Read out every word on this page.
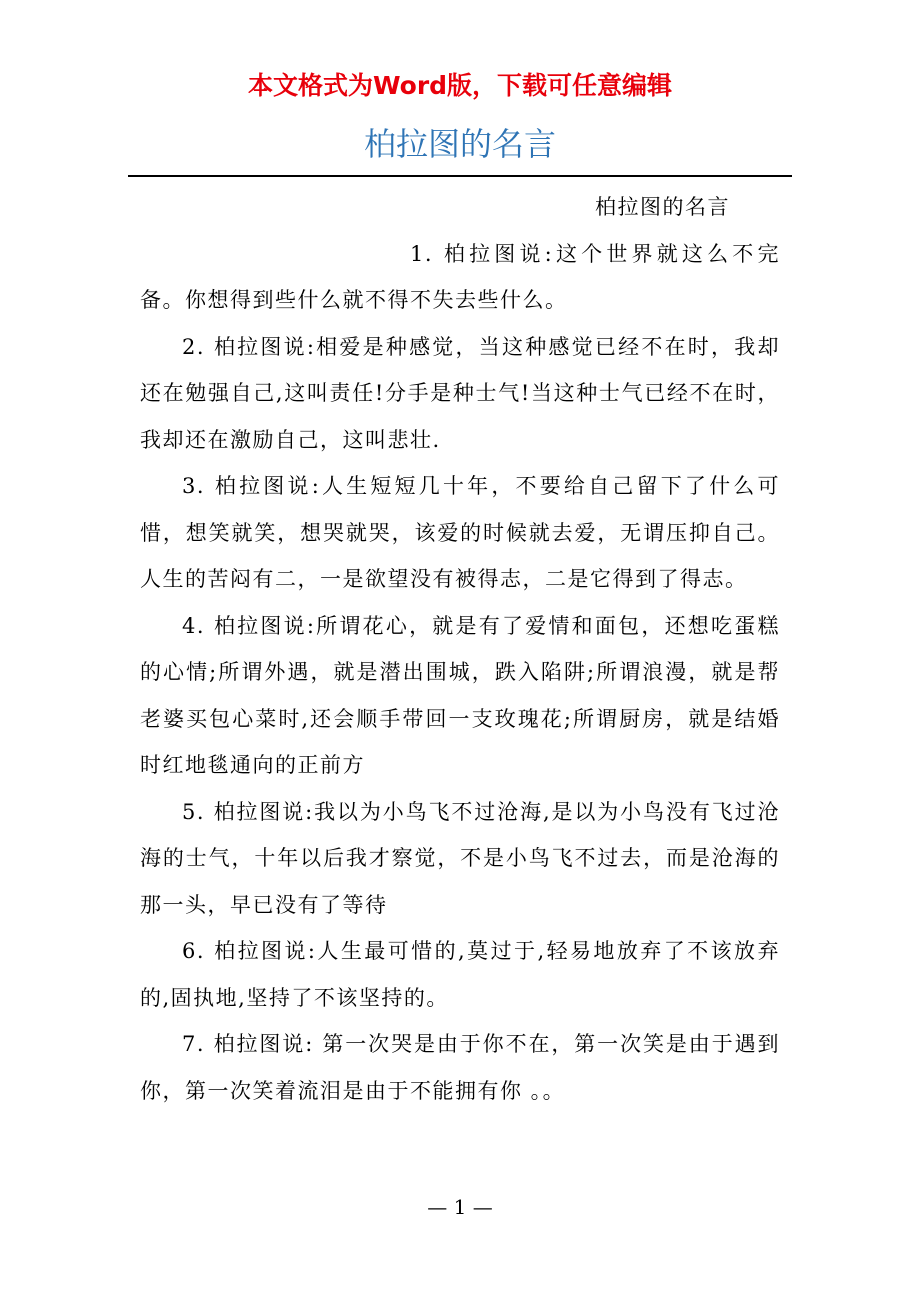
本文格式为Word版，下载可任意编辑
柏拉图的名言

柏拉图的名言

1. 柏拉图说:这个世界就这么不完备。你想得到些什么就不得不失去些什么。

2. 柏拉图说:相爱是种感觉，当这种感觉已经不在时，我却还在勉强自己,这叫责任!分手是种士气!当这种士气已经不在时，我却还在激励自己，这叫悲壮.

3. 柏拉图说:人生短短几十年，不要给自己留下了什么可惜，想笑就笑，想哭就哭，该爱的时候就去爱，无谓压抑自己。人生的苦闷有二，一是欲望没有被得志，二是它得到了得志。

4. 柏拉图说:所谓花心，就是有了爱情和面包，还想吃蛋糕的心情;所谓外遇，就是潜出围城，跌入陷阱;所谓浪漫，就是帮老婆买包心菜时,还会顺手带回一支玫瑰花;所谓厨房，就是结婚时红地毯通向的正前方

5. 柏拉图说:我以为小鸟飞不过沧海,是以为小鸟没有飞过沧海的士气，十年以后我才察觉，不是小鸟飞不过去，而是沧海的那一头，早已没有了等待

6. 柏拉图说:人生最可惜的,莫过于,轻易地放弃了不该放弃的,固执地,坚持了不该坚持的。

7. 柏拉图说: 第一次哭是由于你不在，第一次笑是由于遇到你，第一次笑着流泪是由于不能拥有你 。。

— 1 —
